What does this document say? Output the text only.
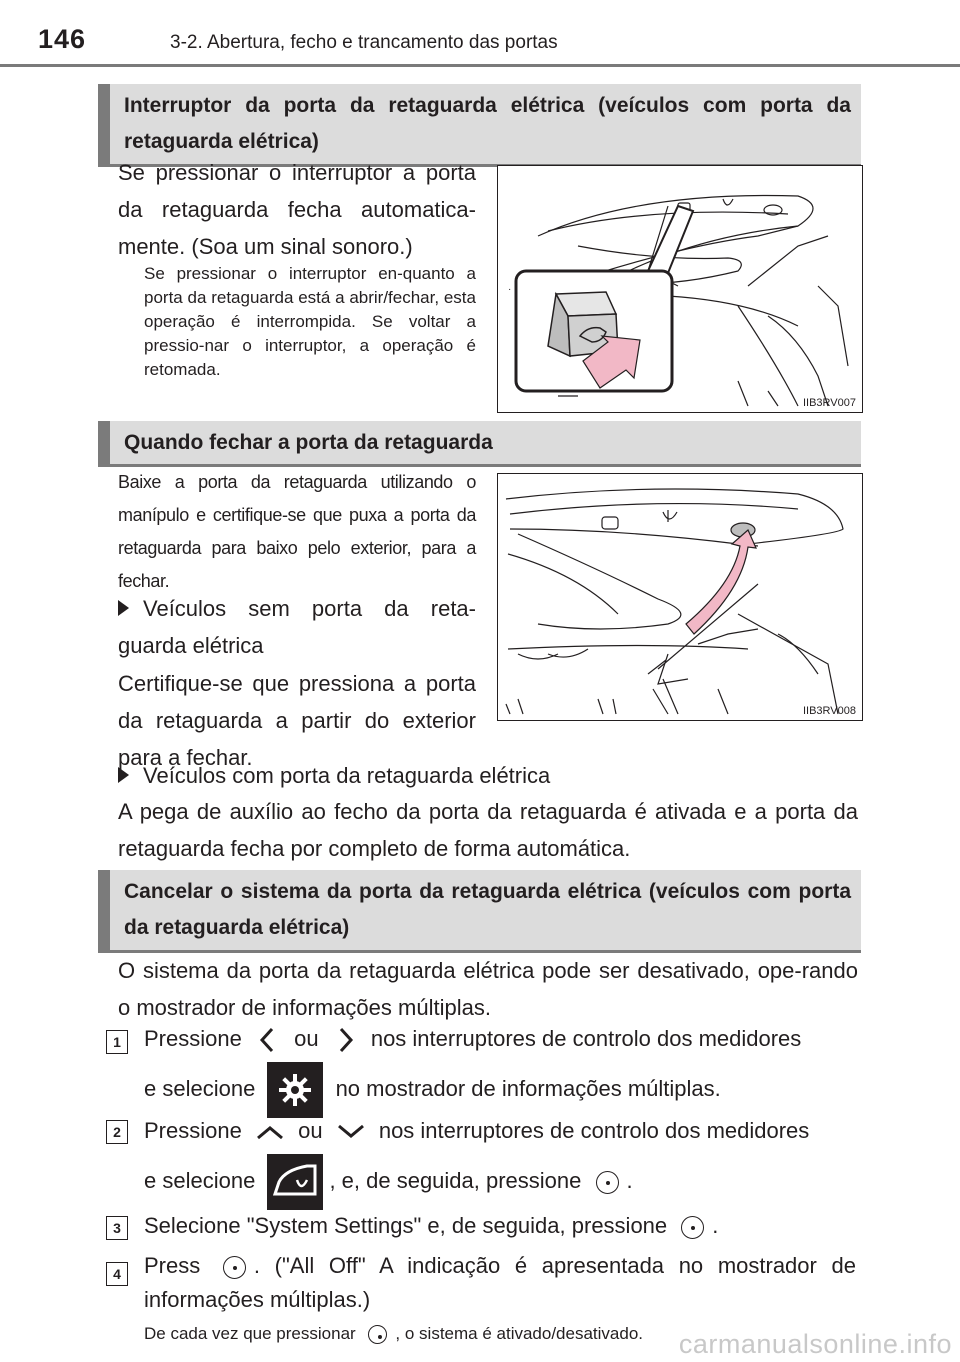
146	3-2. Abertura, fecho e trancamento das portas
Interruptor da porta da retaguarda elétrica (veículos com porta da retaguarda elétrica)
Se pressionar o interruptor a porta da retaguarda fecha automatica-mente. (Soa um sinal sonoro.)
Se pressionar o interruptor en-quanto a porta da retaguarda está a abrir/fechar, esta operação é interrompida. Se voltar a pressio-nar o interruptor, a operação é retomada.
·
IIB3RV007
Quando fechar a porta da retaguarda
Baixe a porta da retaguarda utilizando o manípulo e certifique-se que puxa a porta da retaguarda para baixo pelo exterior, para a fechar.
Veículos sem porta da reta-guarda elétrica
Certifique-se que pressiona a porta da retaguarda a partir do exterior para a fechar.
IIB3RV008
Veículos com porta da retaguarda elétrica
A pega de auxílio ao fecho da porta da retaguarda é ativada e a porta da retaguarda fecha por completo de forma automática.
Cancelar o sistema da porta da retaguarda elétrica (veículos com porta da retaguarda elétrica)
O sistema da porta da retaguarda elétrica pode ser desativado, ope-rando o mostrador de informações múltiplas.
1	Pressione ou nos interruptores de controlo dos medidores
e selecione	no mostrador de informações múltiplas.
2	Pressione	ou	nos interruptores de controlo dos medidores
e selecione	, e, de seguida, pressione .
3	Selecione "System Settings" e, de seguida, pressione .
4	Press . ("All Off" A indicação é apresentada no mostrador de informações múltiplas.)
De cada vez que pressionar , o sistema é ativado/desativado.	carmanualsonline.info
